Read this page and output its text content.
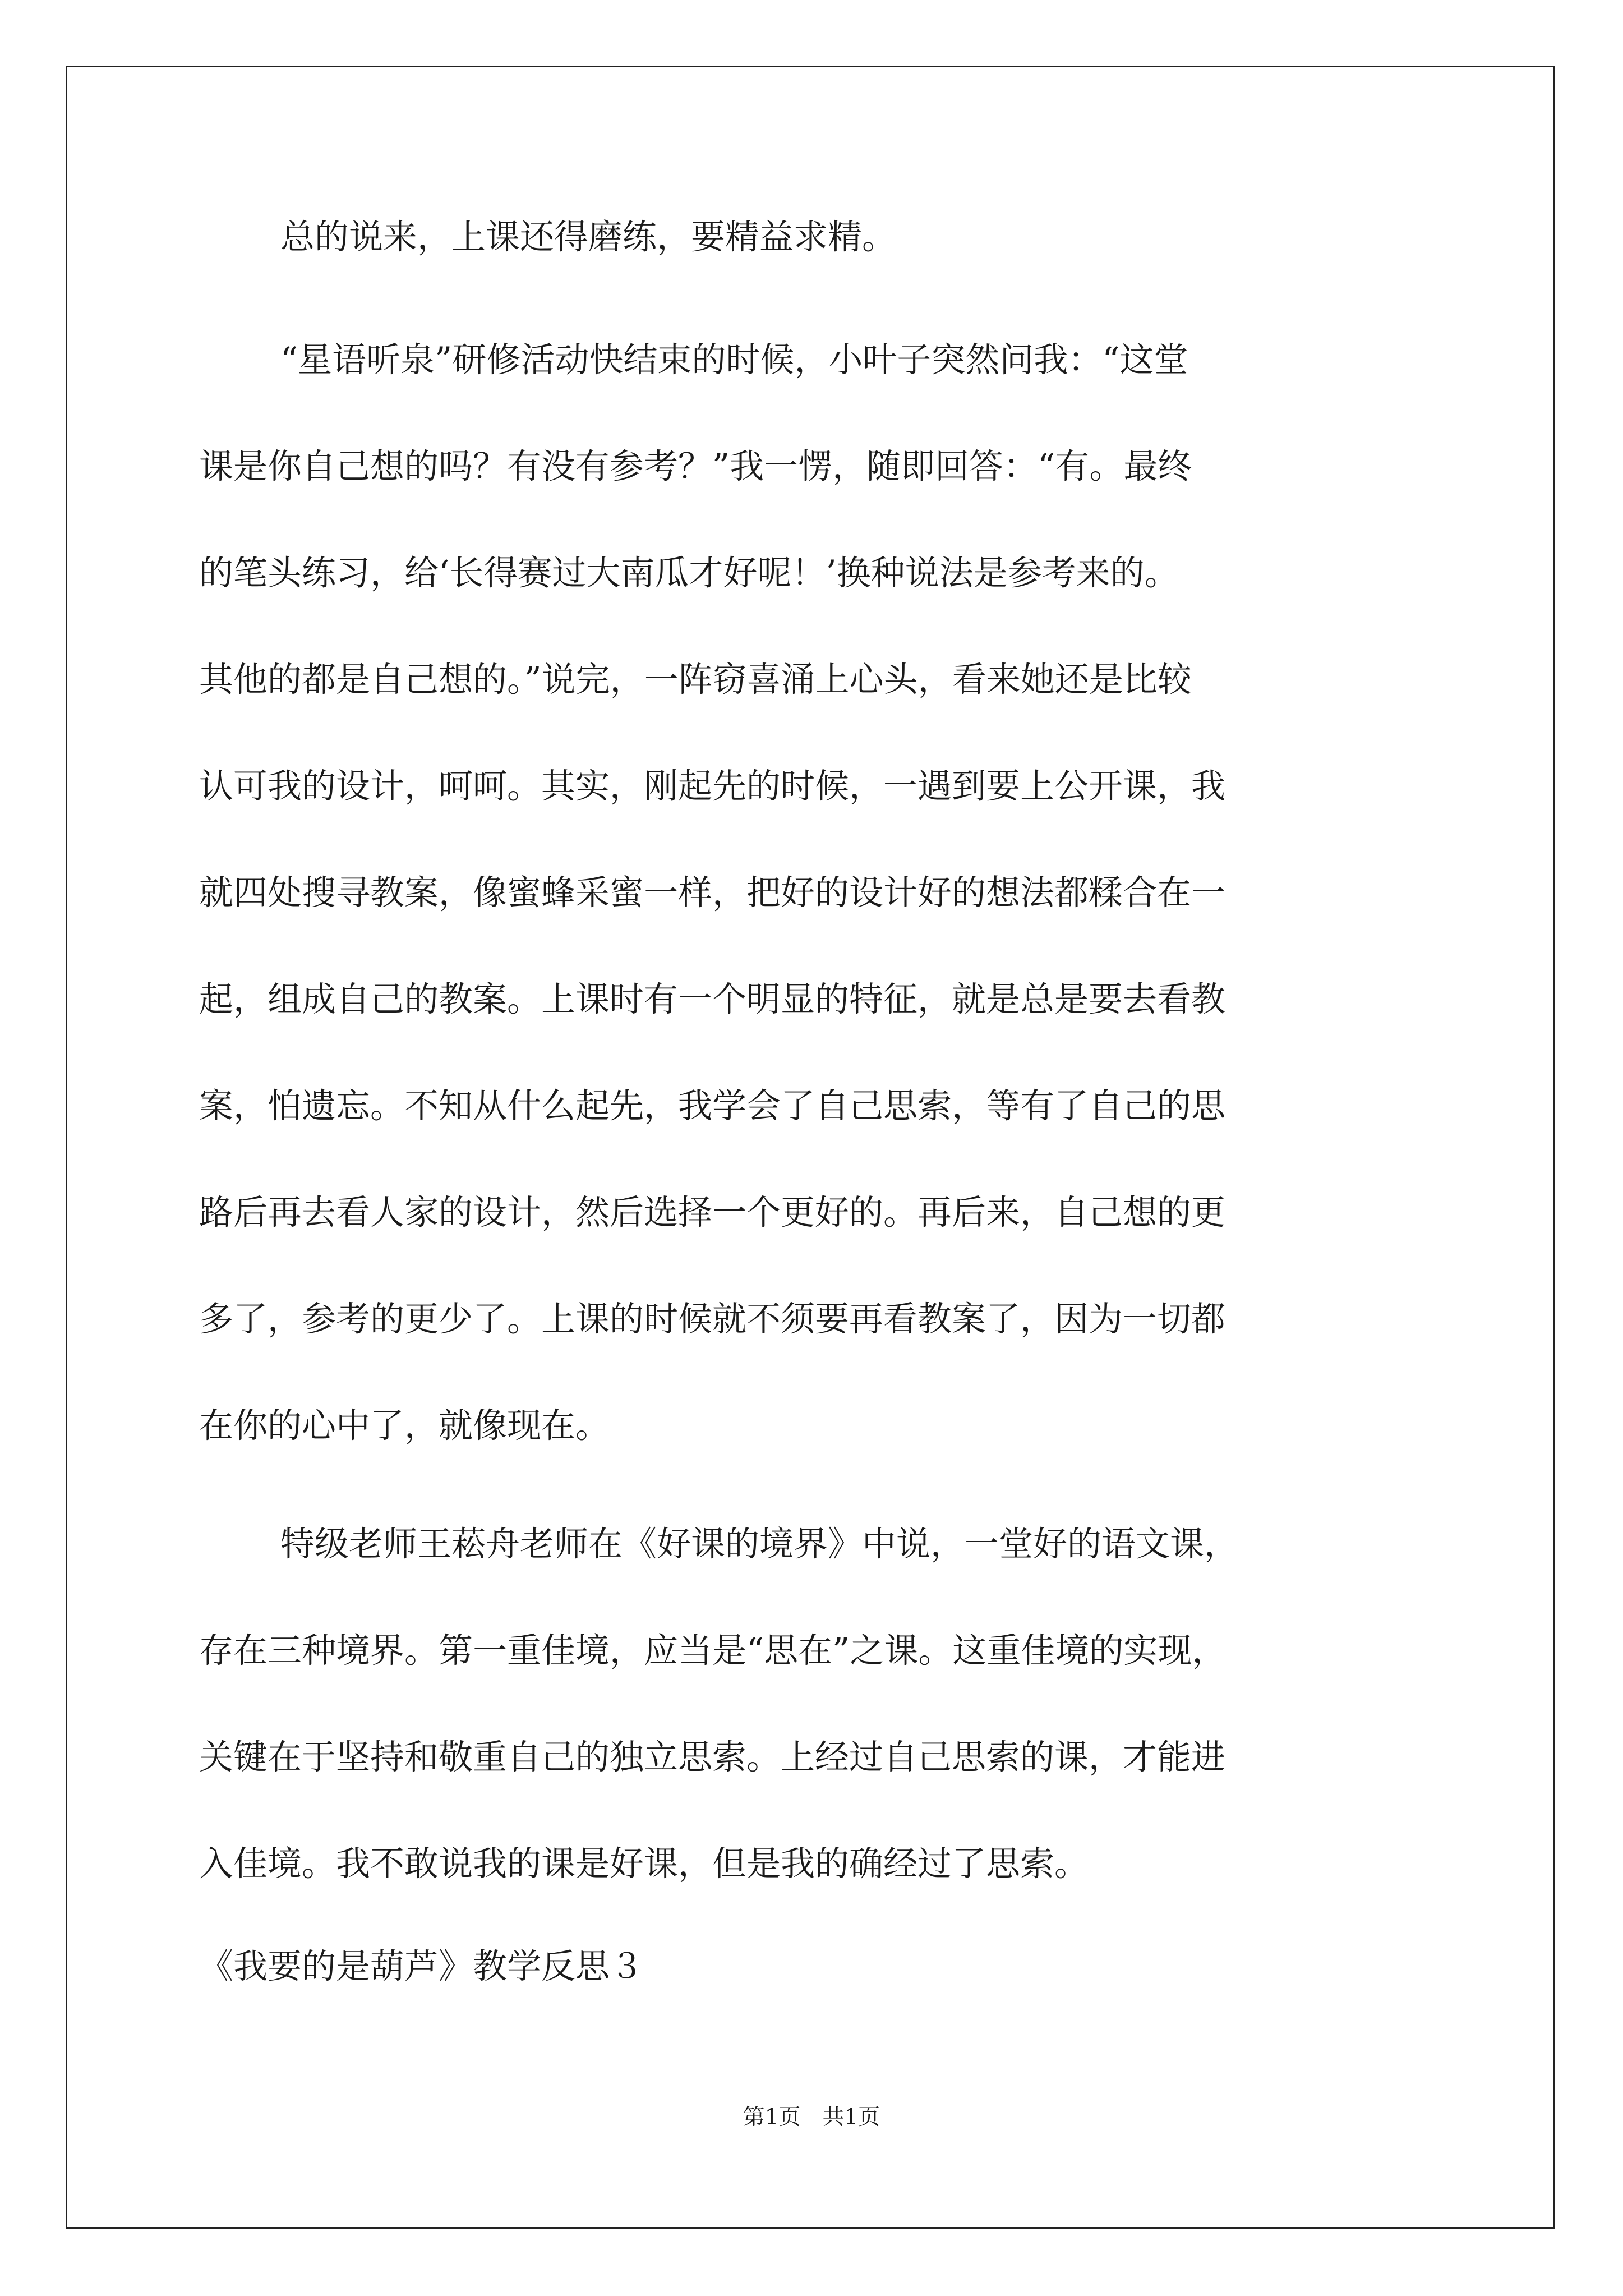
总的说来，上课还得磨练，要精益求精。
“星语听泉”研修活动快结束的时候，小叶子突然问我：“这堂
课是你自己想的吗？有没有参考？”我一愣，随即回答：“有。最终
的笔头练习，给‘长得赛过大南瓜才好呢！’换种说法是参考来的。
其他的都是自己想的。”说完，一阵窃喜涌上心头，看来她还是比较
认可我的设计，呵呵。其实，刚起先的时候，一遇到要上公开课，我
就四处搜寻教案，像蜜蜂采蜜一样，把好的设计好的想法都糅合在一
起，组成自己的教案。上课时有一个明显的特征，就是总是要去看教
案，怕遗忘。不知从什么起先，我学会了自己思索，等有了自己的思
路后再去看人家的设计，然后选择一个更好的。再后来，自己想的更
多了，参考的更少了。上课的时候就不须要再看教案了，因为一切都
在你的心中了，就像现在。
特级老师王菘舟老师在《好课的境界》中说，一堂好的语文课，
存在三种境界。第一重佳境，应当是“思在”之课。这重佳境的实现，
关键在于坚持和敬重自己的独立思索。上经过自己思索的课，才能进
入佳境。我不敢说我的课是好课，但是我的确经过了思索。
《我要的是葫芦》教学反思３
第1页　共1页
